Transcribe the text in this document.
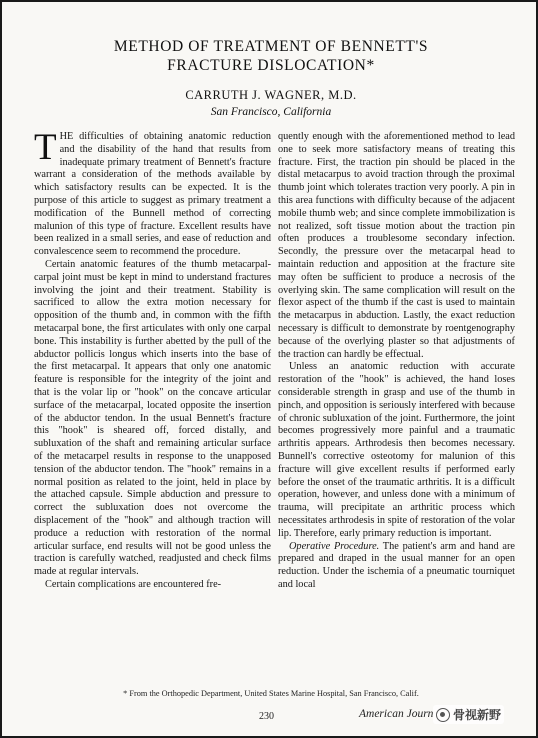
METHOD OF TREATMENT OF BENNETT'S
FRACTURE DISLOCATION*
CARRUTH J. WAGNER, M.D.
San Francisco, California

THE difficulties of obtaining anatomic reduction and the disability of the hand that results from inadequate primary treatment of Bennett's fracture warrant a consideration of the methods available by which satisfactory results can be expected. It is the purpose of this article to suggest as primary treatment a modification of the Bunnell method of correcting malunion of this type of fracture. Excellent results have been realized in a small series, and ease of reduction and convalescence seem to recommend the procedure.

Certain anatomic features of the thumb metacarpal-carpal joint must be kept in mind to understand fractures involving the joint and their treatment. Stability is sacrificed to allow the extra motion necessary for opposition of the thumb and, in common with the fifth metacarpal bone, the first articulates with only one carpal bone. This instability is further abetted by the pull of the abductor pollicis longus which inserts into the base of the first metacarpal. It appears that only one anatomic feature is responsible for the integrity of the joint and that is the volar lip or "hook" on the concave articular surface of the metacarpal, located opposite the insertion of the abductor tendon. In the usual Bennett's fracture this "hook" is sheared off, forced distally, and subluxation of the shaft and remaining articular surface of the metacarpel results in response to the unapposed tension of the abductor tendon. The "hook" remains in a normal position as related to the joint, held in place by the attached capsule. Simple abduction and pressure to correct the subluxation does not overcome the displacement of the "hook" and although traction will produce a reduction with restoration of the normal articular surface, end results will not be good unless the traction is carefully watched, readjusted and check films made at regular intervals.

Certain complications are encountered fre-

quently enough with the aforementioned method to lead one to seek more satisfactory means of treating this fracture. First, the traction pin should be placed in the distal metacarpus to avoid traction through the proximal thumb joint which tolerates traction very poorly. A pin in this area functions with difficulty because of the adjacent mobile thumb web; and since complete immobilization is not realized, soft tissue motion about the traction pin often produces a troublesome secondary infection. Secondly, the pressure over the metacarpal head to maintain reduction and apposition at the fracture site may often be sufficient to produce a necrosis of the overlying skin. The same complication will result on the flexor aspect of the thumb if the cast is used to maintain the metacarpus in abduction. Lastly, the exact reduction necessary is difficult to demonstrate by roentgenography because of the overlying plaster so that adjustments of the traction can hardly be effectual.

Unless an anatomic reduction with accurate restoration of the "hook" is achieved, the hand loses considerable strength in grasp and use of the thumb in pinch, and opposition is seriously interfered with because of chronic subluxation of the joint. Furthermore, the joint becomes progressively more painful and a traumatic arthritis appears. Arthrodesis then becomes necessary. Bunnell's corrective osteotomy for malunion of this fracture will give excellent results if performed early before the onset of the traumatic arthritis. It is a difficult operation, however, and unless done with a minimum of trauma, will precipitate an arthritic process which necessitates arthrodesis in spite of restoration of the volar lip. Therefore, early primary reduction is important.

Operative Procedure. The patient's arm and hand are prepared and draped in the usual manner for an open reduction. Under the ischemia of a pneumatic tourniquet and local

* From the Orthopedic Department, United States Marine Hospital, San Francisco, Calif.
230	American Journ 骨视新野
